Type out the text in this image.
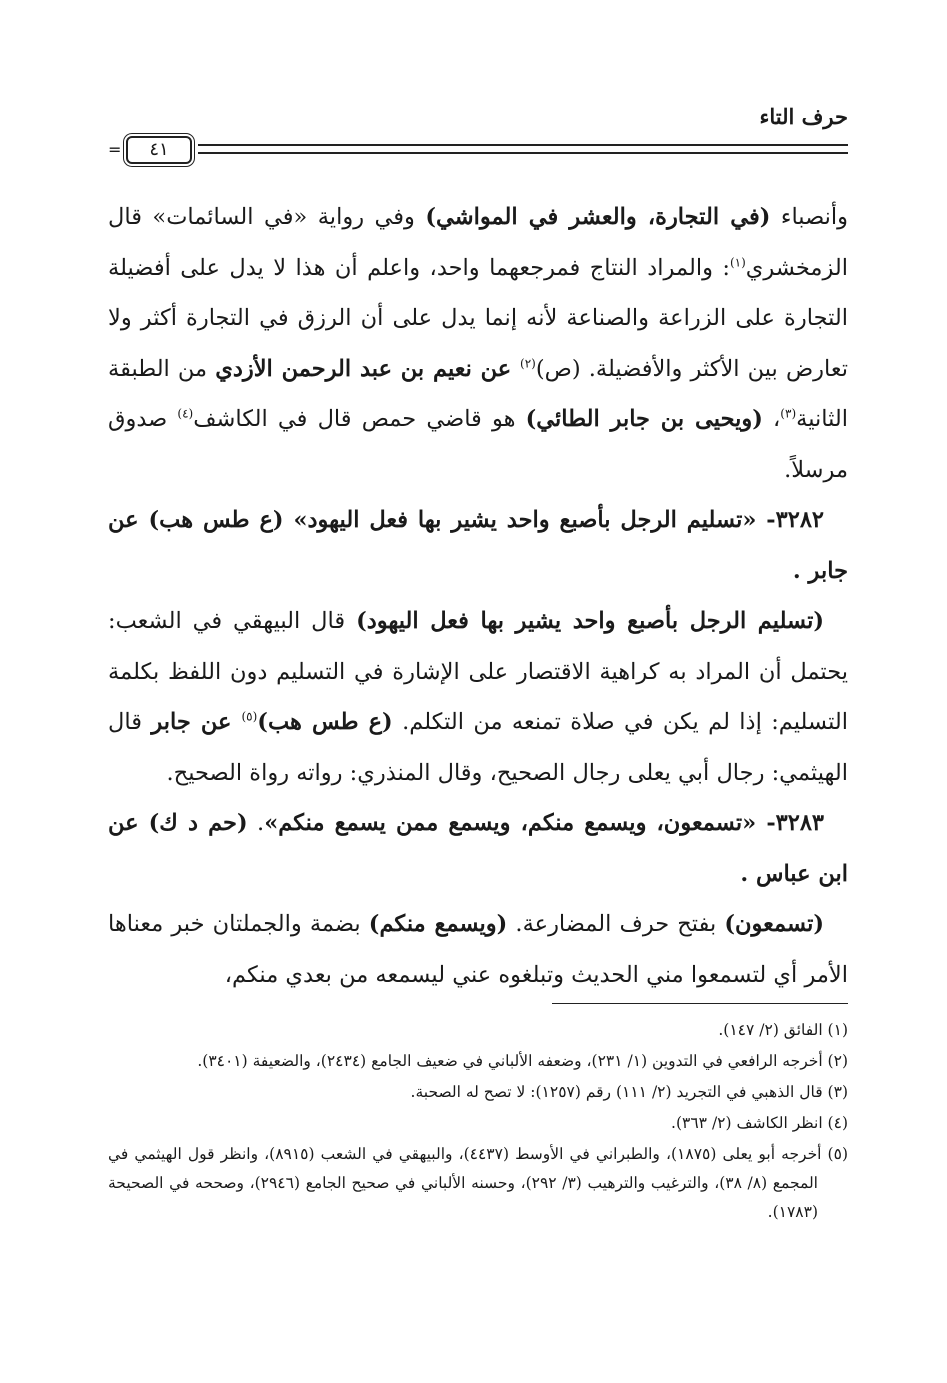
حرف التاء
=	٤١

وأنصباء (في التجارة، والعشر في المواشي) وفي رواية «في السائمات» قال الزمخشري$^{(١)}$: والمراد النتاج فمرجعهما واحد، واعلم أن هذا لا يدل على أفضيلة التجارة على الزراعة والصناعة لأنه إنما يدل على أن الرزق في التجارة أكثر ولا تعارض بين الأكثر والأفضيلة. (ص)$^{(٢)}$ عن نعيم بن عبد الرحمن الأزدي من الطبقة الثانية$^{(٣)}$، (ويحيى بن جابر الطائي) هو قاضي حمص قال في الكاشف$^{(٤)}$ صدوق مرسلاً.

٣٢٨٢- «تسليم الرجل بأصبع واحد يشير بها فعل اليهود» (ع طس هب) عن جابر .

(تسليم الرجل بأصبع واحد يشير بها فعل اليهود) قال البيهقي في الشعب: يحتمل أن المراد به كراهية الاقتصار على الإشارة في التسليم دون اللفظ بكلمة التسليم: إذا لم يكن في صلاة تمنعه من التكلم. (ع طس هب)$^{(٥)}$ عن جابر قال الهيثمي: رجال أبي يعلى رجال الصحيح، وقال المنذري: رواته رواة الصحيح.

٣٢٨٣- «تسمعون، ويسمع منكم، ويسمع ممن يسمع منكم». (حم د ك) عن ابن عباس .

(تسمعون) بفتح حرف المضارعة. (ويسمع منكم) بضمة والجملتان خبر معناها الأمر أي لتسمعوا مني الحديث وتبلغوه عني ليسمعه من بعدي منكم،

(١) الفائق (٢/ ١٤٧).

(٢) أخرجه الرافعي في التدوين (١/ ٢٣١)، وضعفه الألباني في ضعيف الجامع (٢٤٣٤)، والضعيفة (٣٤٠١).

(٣) قال الذهبي في التجريد (٢/ ١١١) رقم (١٢٥٧): لا تصح له الصحبة.

(٤) انظر الكاشف (٢/ ٣٦٣).

(٥) أخرجه أبو يعلى (١٨٧٥)، والطبراني في الأوسط (٤٤٣٧)، والبيهقي في الشعب (٨٩١٥)، وانظر قول الهيثمي في المجمع (٨/ ٣٨)، والترغيب والترهيب (٣/ ٢٩٢)، وحسنه الألباني في صحيح الجامع (٢٩٤٦)، وصححه في الصحيحة (١٧٨٣).
